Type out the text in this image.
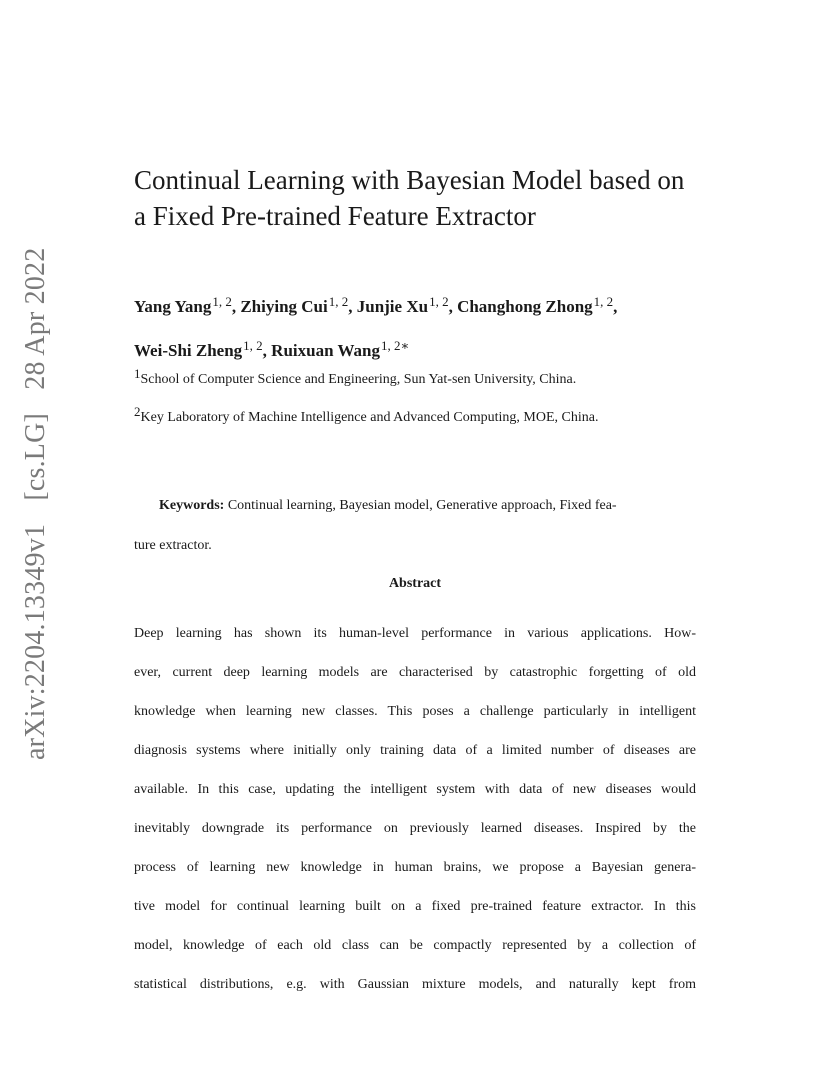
arXiv:2204.13349v1 [cs.LG] 28 Apr 2022
Continual Learning with Bayesian Model based on
a Fixed Pre-trained Feature Extractor
Yang Yang$^{1, 2}$, Zhiying Cui$^{1, 2}$, Junjie Xu$^{1, 2}$, Changhong Zhong$^{1, 2}$,
Wei-Shi Zheng$^{1, 2}$, Ruixuan Wang$^{1, 2∗}$
$^1$School of Computer Science and Engineering, Sun Yat-sen University, China.
$^2$Key Laboratory of Machine Intelligence and Advanced Computing, MOE, China.
Keywords: Continual learning, Bayesian model, Generative approach, Fixed fea-
ture extractor.
Abstract
Deep learning has shown its human-level performance in various applications. How-
ever, current deep learning models are characterised by catastrophic forgetting of old
knowledge when learning new classes. This poses a challenge particularly in intelligent
diagnosis systems where initially only training data of a limited number of diseases are
available. In this case, updating the intelligent system with data of new diseases would
inevitably downgrade its performance on previously learned diseases. Inspired by the
process of learning new knowledge in human brains, we propose a Bayesian genera-
tive model for continual learning built on a fixed pre-trained feature extractor. In this
model, knowledge of each old class can be compactly represented by a collection of
statistical distributions, e.g. with Gaussian mixture models, and naturally kept from
